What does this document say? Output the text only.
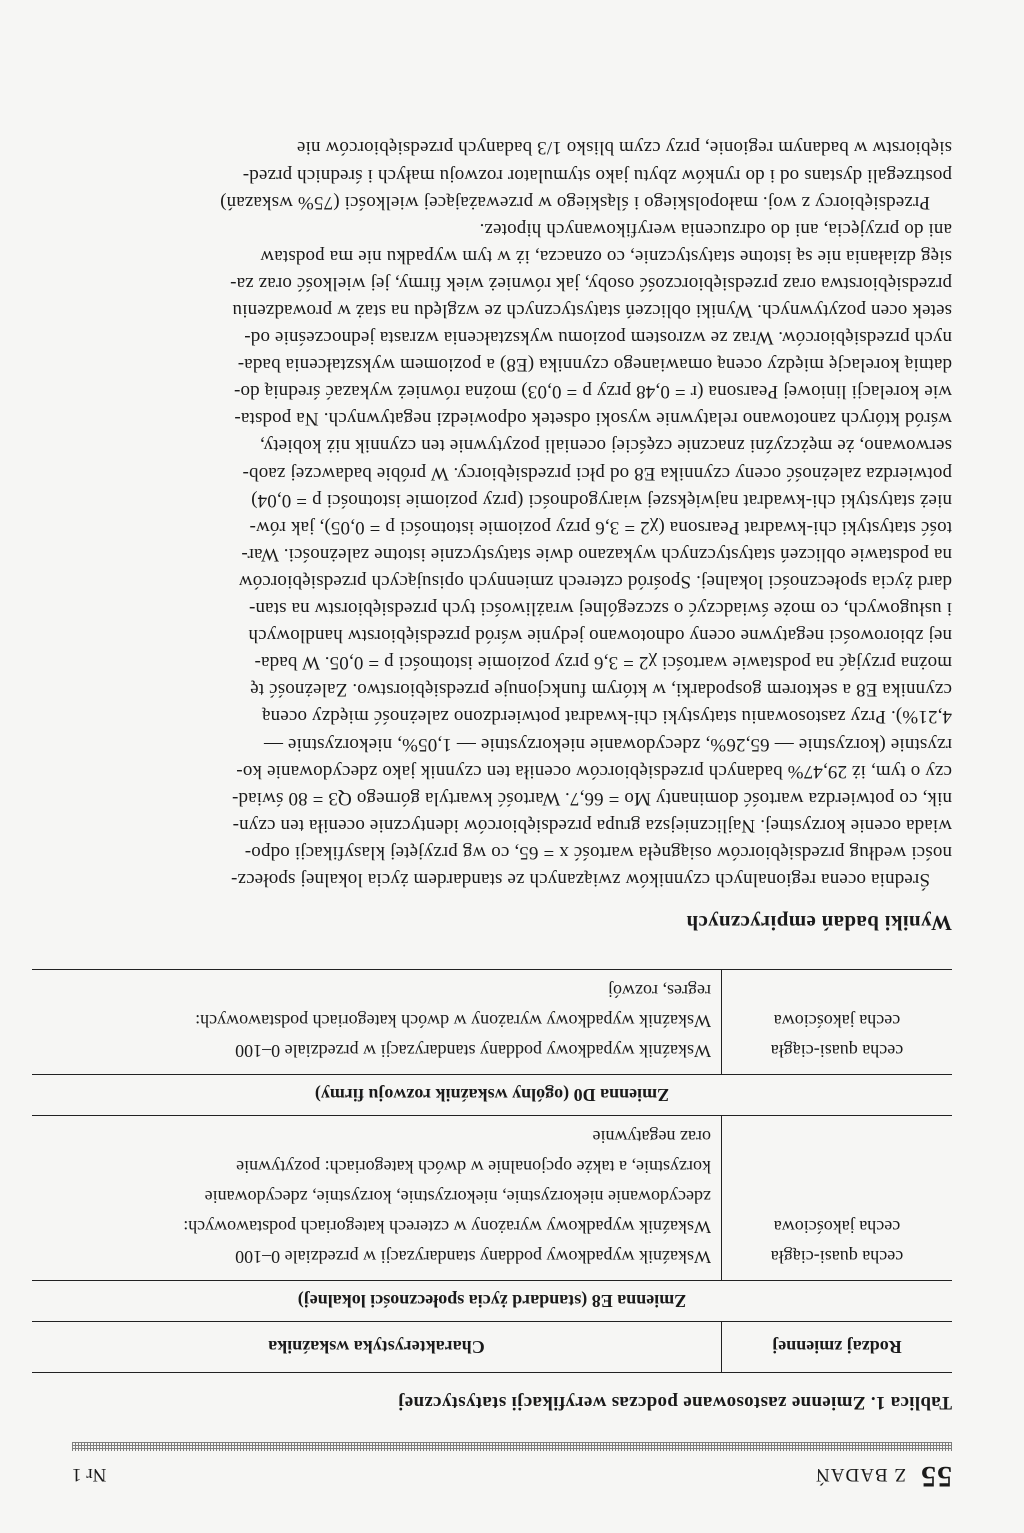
55
Z BADAŃ
Nr 1
Tablica 1. Zmienne zastosowane podczas weryfikacji statystycznej
Rodzaj zmiennej	Charakterystyka wskaźnika
Zmienna E8 (standard życia społeczności lokalnej)	

cecha quasi-ciągła
cecha jakościowa	Wskaźnik wypadkowy poddany standaryzacji w przedziale 0–100
Wskaźnik wypadkowy wyrażony w czterech kategoriach podstawowych:
zdecydowanie niekorzystnie, niekorzystnie, korzystnie, zdecydowanie
korzystnie, a także opcjonalnie w dwóch kategoriach: pozytywnie
oraz negatywnie

Zmienna D0 (ogólny wskaźnik rozwoju firmy)	

cecha quasi-ciągła
cecha jakościowa	Wskaźnik wypadkowy poddany standaryzacji w przedziale 0–100
Wskaźnik wypadkowy wyrażony w dwóch kategoriach podstawowych:
regres, rozwój
Wyniki badań empirycznych
Średnia ocena regionalnych czynników związanych ze standardem życia lokalnej społecz-
ności według przedsiębiorców osiągnęła wartość x = 65, co wg przyjętej klasyfikacji odpo-
wiada ocenie korzystnej. Najliczniejsza grupa przedsiębiorców identycznie oceniła ten czyn-
nik, co potwierdza wartość dominanty Mo = 66,7. Wartość kwartyla górnego Q3 = 80 świad-
czy o tym, iż 29,47% badanych przedsiębiorców oceniła ten czynnik jako zdecydowanie ko-
rzystnie (korzystnie — 65,26%, zdecydowanie niekorzystnie — 1,05%, niekorzystnie —
4,21%). Przy zastosowaniu statystyki chi-kwadrat potwierdzono zależność między oceną
czynnika E8 a sektorem gospodarki, w którym funkcjonuje przedsiębiorstwo. Zależność tę
można przyjąć na podstawie wartości χ2 = 3,6 przy poziomie istotności p = 0,05. W bada-
nej zbiorowości negatywne oceny odnotowano jedynie wśród przedsiębiorstw handlowych
i usługowych, co może świadczyć o szczególnej wrażliwości tych przedsiębiorstw na stan-
dard życia społeczności lokalnej. Spośród czterech zmiennych opisujących przedsiębiorców
na podstawie obliczeń statystycznych wykazano dwie statystycznie istotne zależności. War-
tość statystyki chi-kwadrat Pearsona (χ2 = 3,6 przy poziomie istotności p = 0,05), jak rów-
nież statystyki chi-kwadrat największej wiarygodności (przy poziomie istotności p = 0,04)
potwierdza zależność oceny czynnika E8 od płci przedsiębiorcy. W próbie badawczej zaob-
serwowano, że mężczyźni znacznie częściej oceniali pozytywnie ten czynnik niż kobiety,
wśród których zanotowano relatywnie wysoki odsetek odpowiedzi negatywnych. Na podsta-
wie korelacji liniowej Pearsona (r = 0,48 przy p = 0,03) można również wykazać średnią do-
datnią korelację między oceną omawianego czynnika (E8) a poziomem wykształcenia bada-
nych przedsiębiorców. Wraz ze wzrostem poziomu wykształcenia wzrasta jednocześnie od-
setek ocen pozytywnych. Wyniki obliczeń statystycznych ze względu na staż w prowadzeniu
przedsiębiorstwa oraz przedsiębiorczość osoby, jak również wiek firmy, jej wielkość oraz za-
sięg działania nie są istotne statystycznie, co oznacza, iż w tym wypadku nie ma podstaw
ani do przyjęcia, ani do odrzucenia weryfikowanych hipotez.
Przedsiębiorcy z woj. małopolskiego i śląskiego w przeważającej wielkości (75% wskazań)
postrzegali dystans od i do rynków zbytu jako stymulator rozwoju małych i średnich przed-
siębiorstw w badanym regionie, przy czym blisko 1/3 badanych przedsiębiorców nie
